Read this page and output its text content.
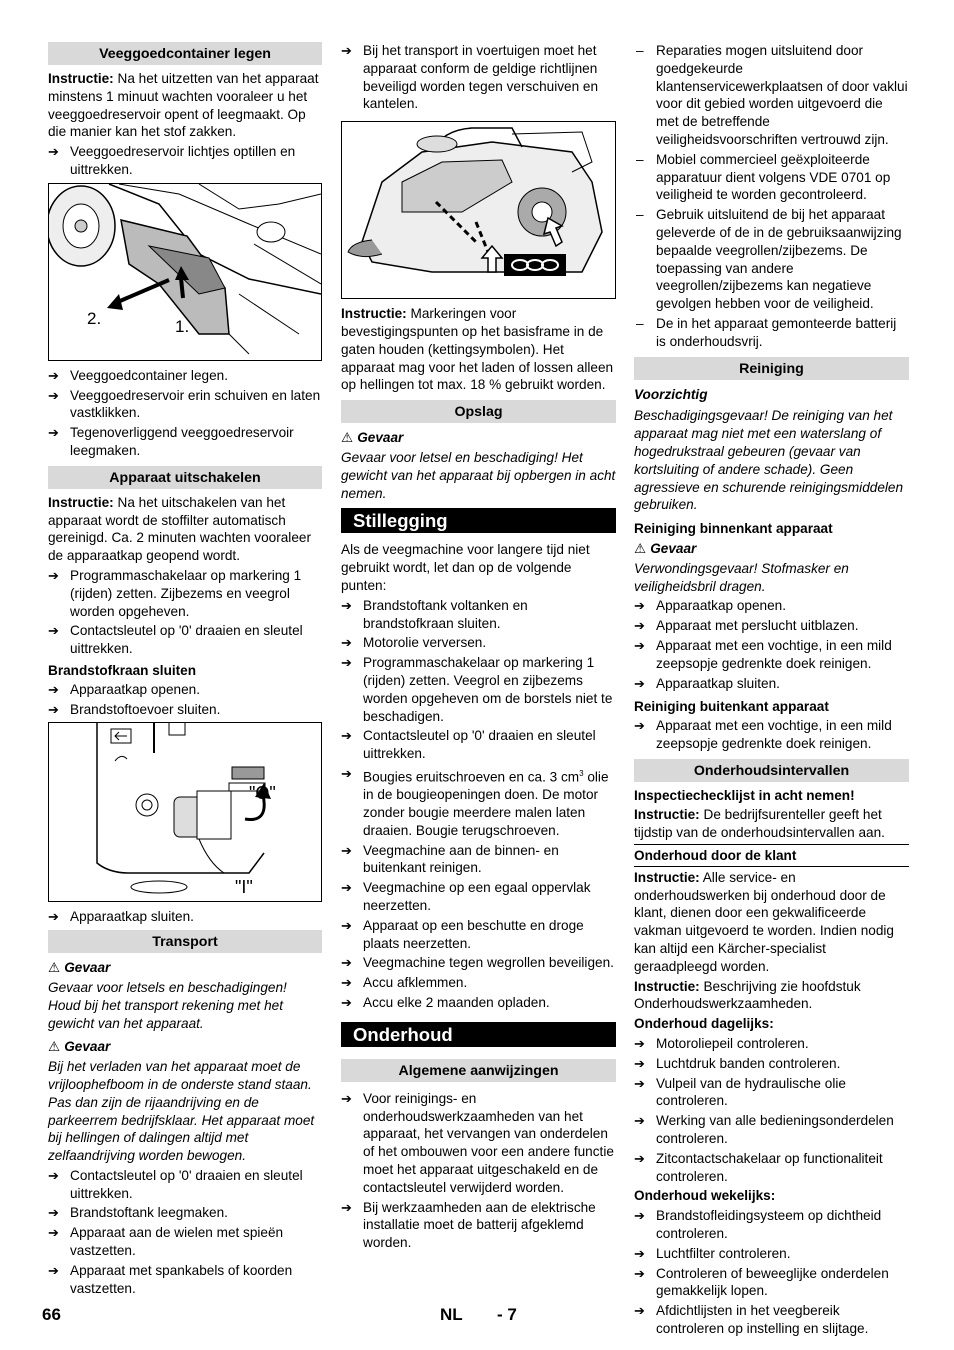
Veeggoedcontainer legen

Instructie: Na het uitzetten van het apparaat minstens 1 minuut wachten vooraleer u het veeggoedreservoir opent of leegmaakt. Op die manier kan het stof zakken.

➔ Veeggoedreservoir lichtjes optillen en uittrekken.
2.	1.
➔ Veeggoedcontainer legen.
➔ Veeggoedreservoir erin schuiven en laten vastklikken.
➔ Tegenoverliggend veeggoedreservoir leegmaken.
Apparaat uitschakelen

Instructie: Na het uitschakelen van het apparaat wordt de stoffilter automatisch gereinigd. Ca. 2 minuten wachten vooraleer de apparaatkap geopend wordt.

➔ Programmaschakelaar op markering 1 (rijden) zetten. Zijbezems en veegrol worden opgeheven.
➔ Contactsleutel op '0' draaien en sleutel uittrekken.

Brandstofkraan sluiten

➔ Apparaatkap openen.
➔ Brandstoftoevoer sluiten.
"O"
"I"
➔ Apparaatkap sluiten.
Transport

⚠ Gevaar

Gevaar voor letsels en beschadigingen! Houd bij het transport rekening met het gewicht van het apparaat.

⚠ Gevaar

Bij het verladen van het apparaat moet de vrijloophefboom in de onderste stand staan. Pas dan zijn de rijaandrijving en de parkeerrem bedrijfsklaar. Het apparaat moet bij hellingen of dalingen altijd met zelfaandrijving worden bewogen.

➔ Contactsleutel op '0' draaien en sleutel uittrekken.
➔ Brandstoftank leegmaken.
➔ Apparaat aan de wielen met spieën vastzetten.
➔ Apparaat met spankabels of koorden vastzetten.
➔ Bij het transport in voertuigen moet het apparaat conform de geldige richtlijnen beveiligd worden tegen verschuiven en kantelen.

Instructie: Markeringen voor bevestigingspunten op het basisframe in de gaten houden (kettingsymbolen). Het apparaat mag voor het laden of lossen alleen op hellingen tot max. 18 % gebruikt worden.

Opslag

⚠ Gevaar

Gevaar voor letsel en beschadiging! Het gewicht van het apparaat bij opbergen in acht nemen.

Stillegging

Als de veegmachine voor langere tijd niet gebruikt wordt, let dan op de volgende punten:

➔ Brandstoftank voltanken en brandstofkraan sluiten.
➔ Motorolie verversen.
➔ Programmaschakelaar op markering 1 (rijden) zetten. Veegrol en zijbezems worden opgeheven om de borstels niet te beschadigen.
➔ Contactsleutel op '0' draaien en sleutel uittrekken.
➔ Bougies eruitschroeven en ca. 3 $cm^3$ olie in de bougieopeningen doen. De motor zonder bougie meerdere malen laten draaien. Bougie terugschroeven.
➔ Veegmachine aan de binnen- en buitenkant reinigen.
➔ Veegmachine op een egaal oppervlak neerzetten.
➔ Apparaat op een beschutte en droge plaats neerzetten.
➔ Veegmachine tegen wegrollen beveiligen.
➔ Accu afklemmen.
➔ Accu elke 2 maanden opladen.
Onderhoud
Algemene aanwijzingen
➔ Voor reinigings- en onderhoudswerkzaamheden van het apparaat, het vervangen van onderdelen of het ombouwen voor een andere functie moet het apparaat uitgeschakeld en de contactsleutel verwijderd worden.
➔ Bij werkzaamheden aan de elektrische installatie moet de batterij afgeklemd worden.
– Reparaties mogen uitsluitend door goedgekeurde klantenservicewerkplaatsen of door vaklui voor dit gebied worden uitgevoerd die met de betreffende veiligheidsvoorschriften vertrouwd zijn.
– Mobiel commercieel geëxploiteerde apparatuur dient volgens VDE 0701 op veiligheid te worden gecontroleerd.
– Gebruik uitsluitend de bij het apparaat geleverde of de in de gebruiksaanwijzing bepaalde veegrollen/zijbezems. De toepassing van andere veegrollen/zijbezems kan negatieve gevolgen hebben voor de veiligheid.
– De in het apparaat gemonteerde batterij is onderhoudsvrij.
Reiniging

Voorzichtig

Beschadigingsgevaar! De reiniging van het apparaat mag niet met een waterslang of hogedrukstraal gebeuren (gevaar van kortsluiting of andere schade). Geen agressieve en schurende reinigingsmiddelen gebruiken.

Reiniging binnenkant apparaat

⚠ Gevaar

Verwondingsgevaar! Stofmasker en veiligheidsbril dragen.

➔ Apparaatkap openen.
➔ Apparaat met perslucht uitblazen.
➔ Apparaat met een vochtige, in een mild zeepsopje gedrenkte doek reinigen.
➔ Apparaatkap sluiten.

Reiniging buitenkant apparaat

➔ Apparaat met een vochtige, in een mild zeepsopje gedrenkte doek reinigen.
Onderhoudsintervallen

Inspectiechecklijst in acht nemen!

Instructie: De bedrijfsurenteller geeft het tijdstip van de onderhoudsintervallen aan.

Onderhoud door de klant

Instructie: Alle service- en onderhoudswerken bij onderhoud door de klant, dienen door een gekwalificeerde vakman uitgevoerd te worden. Indien nodig kan altijd een Kärcher-specialist geraadpleegd worden.

Instructie: Beschrijving zie hoofdstuk Onderhoudswerkzaamheden.

Onderhoud dagelijks:

➔ Motoroliepeil controleren.
➔ Luchtdruk banden controleren.
➔ Vulpeil van de hydraulische olie controleren.
➔ Werking van alle bedieningsonderdelen controleren.
➔ Zitcontactschakelaar op functionaliteit controleren.

Onderhoud wekelijks:

➔ Brandstofleidingsysteem op dichtheid controleren.
➔ Luchtfilter controleren.
➔ Controleren of beweeglijke onderdelen gemakkelijk lopen.
➔ Afdichtlijsten in het veegbereik controleren op instelling en slijtage.
66	NL - 7
